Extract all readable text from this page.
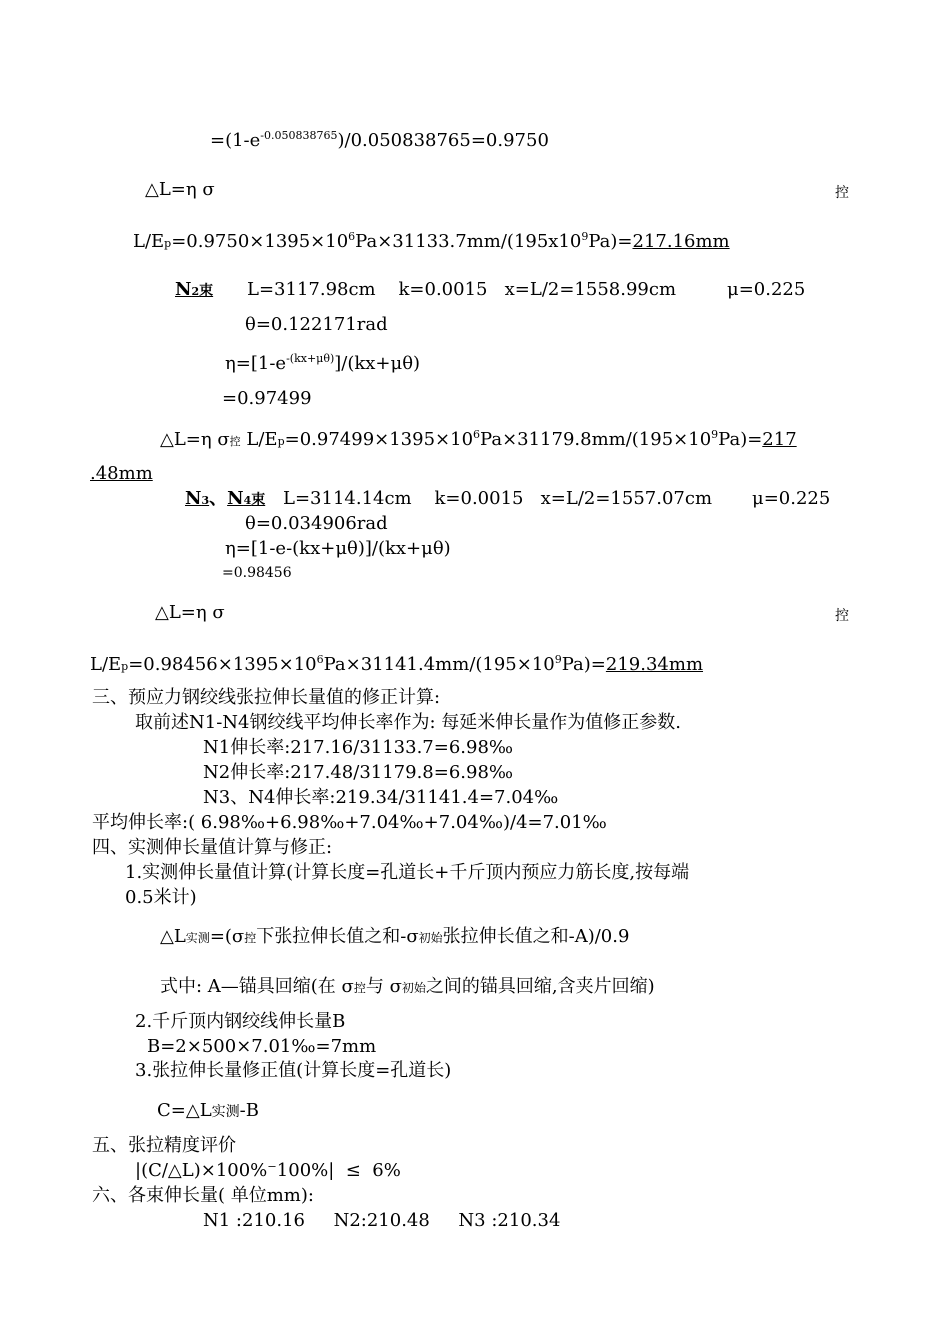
$=(1-e^{-0.050838765})/0.050838765=0.9750$
△L=η σ	控
$L/Ep=0.9750\times 1395\times 10^6Pa\times 31133.7mm/(195x10^9Pa)=217.16mm$
N2束 L=3117.98cm    k=0.0015   x=L/2=1558.99cm	μ=0.225
θ=0.122171rad
$\eta=[1-e^{-(kx+\mu\theta)}]/(kx+\mu\theta)$
=0.97499
△L=η σ控 $L/Ep=0.97499\times 1395\times 10^6Pa\times 31179.8mm/(195\times 10^9Pa)=217$
.48mm
N3、N4束 L=3114.14cm    k=0.0015   x=L/2=1557.07cm μ=0.225
θ=0.034906rad
η=[1-e-(kx+μθ)]/(kx+μθ)
=0.98456
△L=η σ	控
$L/Ep=0.98456\times 1395\times 10^6Pa\times 31141.4mm/(195\times 10^9Pa)=219.34mm$
三、预应力钢绞线张拉伸长量值的修正计算:
取前述N1-N4钢绞线平均伸长率作为: 每延米伸长量作为值修正参数.
N1伸长率:217.16/31133.7=6.98‰
N2伸长率:217.48/31179.8=6.98‰
N3、N4伸长率:219.34/31141.4=7.04‰
平均伸长率:( 6.98‰+6.98‰+7.04‰+7.04‰)/4=7.01‰
四、实测伸长量值计算与修正:
1.实测伸长量值计算(计算长度=孔道长+千斤顶内预应力筋长度,按每端
0.5米计)
△L实测=(σ控下张拉伸长值之和-σ初始张拉伸长值之和-A)/0.9
式中: A—锚具回缩(在 σ控与 σ初始之间的锚具回缩,含夹片回缩)
2.千斤顶内钢绞线伸长量B
B=2×500×7.01‰=7mm
3.张拉伸长量修正值(计算长度=孔道长)
C=△L实测-B
五、张拉精度评价
|(C/△L)×100%⁻100%|  ≤  6%
六、各束伸长量( 单位mm):
N1 :210.16     N2:210.48     N3 :210.34
